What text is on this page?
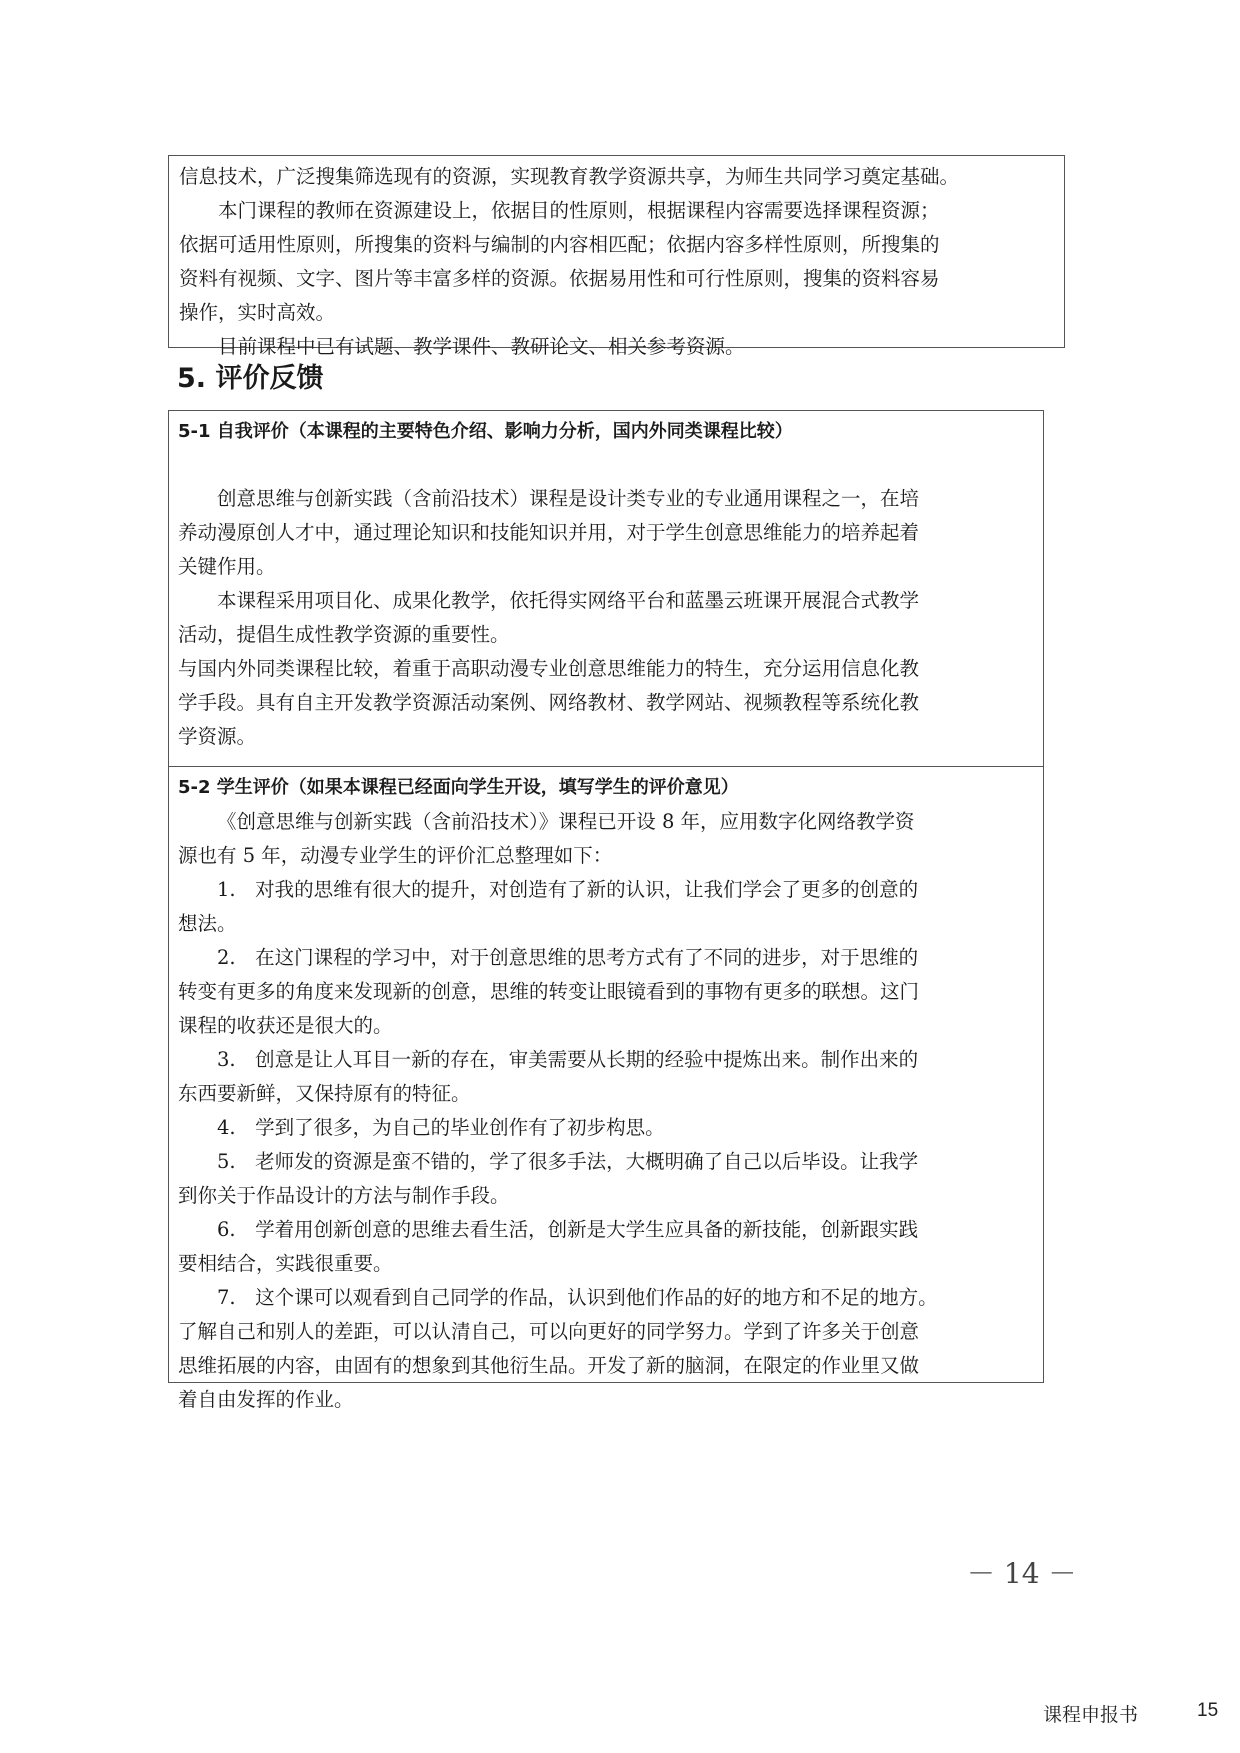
信息技术，广泛搜集筛选现有的资源，实现教育教学资源共享，为师生共同学习奠定基础。

本门课程的教师在资源建设上，依据目的性原则，根据课程内容需要选择课程资源；

依据可适用性原则，所搜集的资料与编制的内容相匹配；依据内容多样性原则，所搜集的

资料有视频、文字、图片等丰富多样的资源。依据易用性和可行性原则，搜集的资料容易

操作，实时高效。

目前课程中已有试题、教学课件、教研论文、相关参考资源。

5. 评价反馈

5-1 自我评价（本课程的主要特色介绍、影响力分析，国内外同类课程比较）

创意思维与创新实践（含前沿技术）课程是设计类专业的专业通用课程之一，在培

养动漫原创人才中，通过理论知识和技能知识并用，对于学生创意思维能力的培养起着

关键作用。

本课程采用项目化、成果化教学，依托得实网络平台和蓝墨云班课开展混合式教学

活动，提倡生成性教学资源的重要性。

与国内外同类课程比较，着重于高职动漫专业创意思维能力的特生，充分运用信息化教

学手段。具有自主开发教学资源活动案例、网络教材、教学网站、视频教程等系统化教

学资源。

5-2 学生评价（如果本课程已经面向学生开设，填写学生的评价意见）

《创意思维与创新实践（含前沿技术）》课程已开设 8 年，应用数字化网络教学资

源也有 5 年，动漫专业学生的评价汇总整理如下：

1.　对我的思维有很大的提升，对创造有了新的认识，让我们学会了更多的创意的

想法。

2.　在这门课程的学习中，对于创意思维的思考方式有了不同的进步，对于思维的

转变有更多的角度来发现新的创意，思维的转变让眼镜看到的事物有更多的联想。这门

课程的收获还是很大的。

3.　创意是让人耳目一新的存在，审美需要从长期的经验中提炼出来。制作出来的

东西要新鲜，又保持原有的特征。

4.　学到了很多，为自己的毕业创作有了初步构思。

5.　老师发的资源是蛮不错的，学了很多手法，大概明确了自己以后毕设。让我学

到你关于作品设计的方法与制作手段。

6.　学着用创新创意的思维去看生活，创新是大学生应具备的新技能，创新跟实践

要相结合，实践很重要。

7.　这个课可以观看到自己同学的作品，认识到他们作品的好的地方和不足的地方。

了解自己和别人的差距，可以认清自己，可以向更好的同学努力。学到了许多关于创意

思维拓展的内容，由固有的想象到其他衍生品。开发了新的脑洞，在限定的作业里又做

着自由发挥的作业。

－ 14 －

课程申报书	15
